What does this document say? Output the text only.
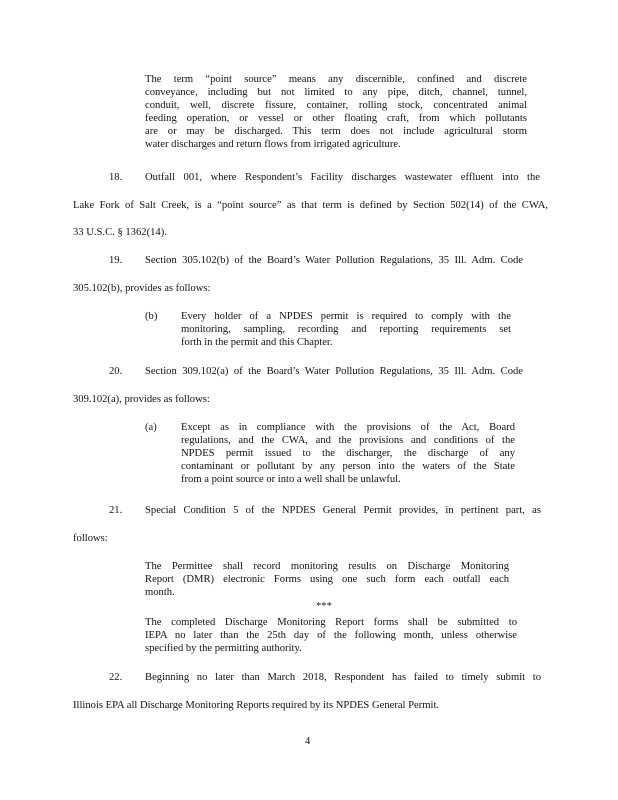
The term “point source” means any discernible, confined and discrete
conveyance, including but not limited to any pipe, ditch, channel, tunnel,
conduit, well, discrete fissure, container, rolling stock, concentrated animal
feeding operation, or vessel or other floating craft, from which pollutants
are or may be discharged. This term does not include agricultural storm
water discharges and return flows from irrigated agriculture.
18. Outfall 001, where Respondent’s Facility discharges wastewater effluent into the
Lake Fork of Salt Creek, is a “point source” as that term is defined by Section 502(14) of the CWA,
33 U.S.C. § 1362(14).
19. Section 305.102(b) of the Board’s Water Pollution Regulations, 35 Ill. Adm. Code
305.102(b), provides as follows:
(b) Every holder of a NPDES permit is required to comply with the
monitoring, sampling, recording and reporting requirements set
forth in the permit and this Chapter.
20. Section 309.102(a) of the Board’s Water Pollution Regulations, 35 Ill. Adm. Code
309.102(a), provides as follows:
(a) Except as in compliance with the provisions of the Act, Board
regulations, and the CWA, and the provisions and conditions of the
NPDES permit issued to the discharger, the discharge of any
contaminant or pollutant by any person into the waters of the State
from a point source or into a well shall be unlawful.
21. Special Condition 5 of the NPDES General Permit provides, in pertinent part, as
follows:
The Permittee shall record monitoring results on Discharge Monitoring
Report (DMR) electronic Forms using one such form each outfall each
month.
***
The completed Discharge Monitoring Report forms shall be submitted to
IEPA no later than the 25th day of the following month, unless otherwise
specified by the permitting authority.
22. Beginning no later than March 2018, Respondent has failed to timely submit to
Illinois EPA all Discharge Monitoring Reports required by its NPDES General Permit.
4
